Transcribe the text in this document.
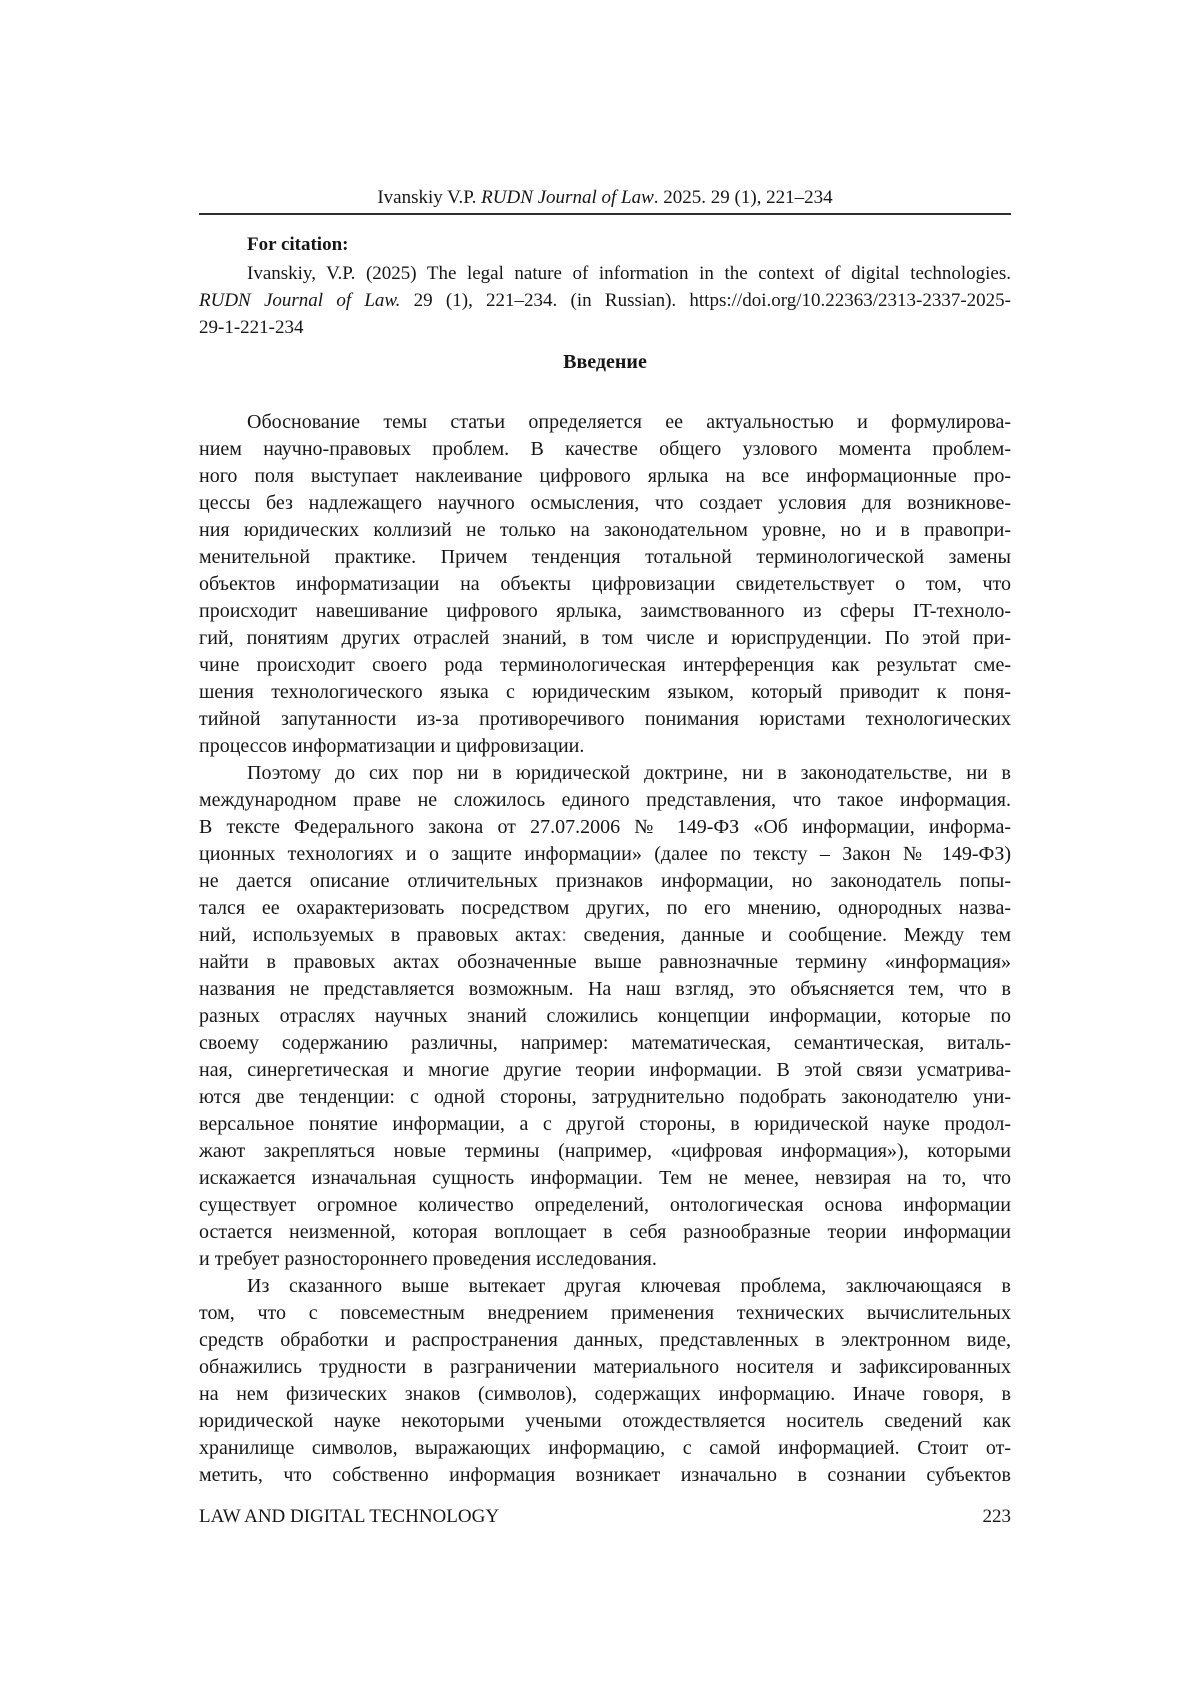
Ivanskiy V.P. RUDN Journal of Law. 2025. 29 (1), 221–234

For citation:

Ivanskiy, V.P. (2025) The legal nature of information in the context of digital technologies.
RUDN Journal of Law. 29 (1), 221–234. (in Russian). https://doi.org/10.22363/2313-2337-2025-
29-1-221-234
Введение
Обоснование темы статьи определяется ее актуальностью и формулирова-
нием научно-правовых проблем. В качестве общего узлового момента проблем-
ного поля выступает наклеивание цифрового ярлыка на все информационные про-
цессы без надлежащего научного осмысления, что создает условия для возникнове-
ния юридических коллизий не только на законодательном уровне, но и в правопри-
менительной практике. Причем тенденция тотальной терминологической замены
объектов информатизации на объекты цифровизации свидетельствует о том, что
происходит навешивание цифрового ярлыка, заимствованного из сферы IT-техноло-
гий, понятиям других отраслей знаний, в том числе и юриспруденции. По этой при-
чине происходит своего рода терминологическая интерференция как результат сме-
шения технологического языка с юридическим языком, который приводит к поня-
тийной запутанности из-за противоречивого понимания юристами технологических
процессов информатизации и цифровизации.
Поэтому до сих пор ни в юридической доктрине, ни в законодательстве, ни в
международном праве не сложилось единого представления, что такое информация.
В тексте Федерального закона от 27.07.2006 № 149-ФЗ «Об информации, информа-
ционных технологиях и о защите информации» (далее по тексту – Закон № 149-ФЗ)
не дается описание отличительных признаков информации, но законодатель попы-
тался ее охарактеризовать посредством других, по его мнению, однородных назва-
ний, используемых в правовых актах: сведения, данные и сообщение. Между тем
найти в правовых актах обозначенные выше равнозначные термину «информация»
названия не представляется возможным. На наш взгляд, это объясняется тем, что в
разных отраслях научных знаний сложились концепции информации, которые по
своему содержанию различны, например: математическая, семантическая, виталь-
ная, синергетическая и многие другие теории информации. В этой связи усматрива-
ются две тенденции: с одной стороны, затруднительно подобрать законодателю уни-
версальное понятие информации, а с другой стороны, в юридической науке продол-
жают закрепляться новые термины (например, «цифровая информация»), которыми
искажается изначальная сущность информации. Тем не менее, невзирая на то, что
существует огромное количество определений, онтологическая основа информации
остается неизменной, которая воплощает в себя разнообразные теории информации
и требует разностороннего проведения исследования.
Из сказанного выше вытекает другая ключевая проблема, заключающаяся в
том, что с повсеместным внедрением применения технических вычислительных
средств обработки и распространения данных, представленных в электронном виде,
обнажились трудности в разграничении материального носителя и зафиксированных
на нем физических знаков (символов), содержащих информацию. Иначе говоря, в
юридической науке некоторыми учеными отождествляется носитель сведений как
хранилище символов, выражающих информацию, с самой информацией. Стоит от-
метить, что собственно информация возникает изначально в сознании субъектов
LAW AND DIGITAL TECHNOLOGY	223
